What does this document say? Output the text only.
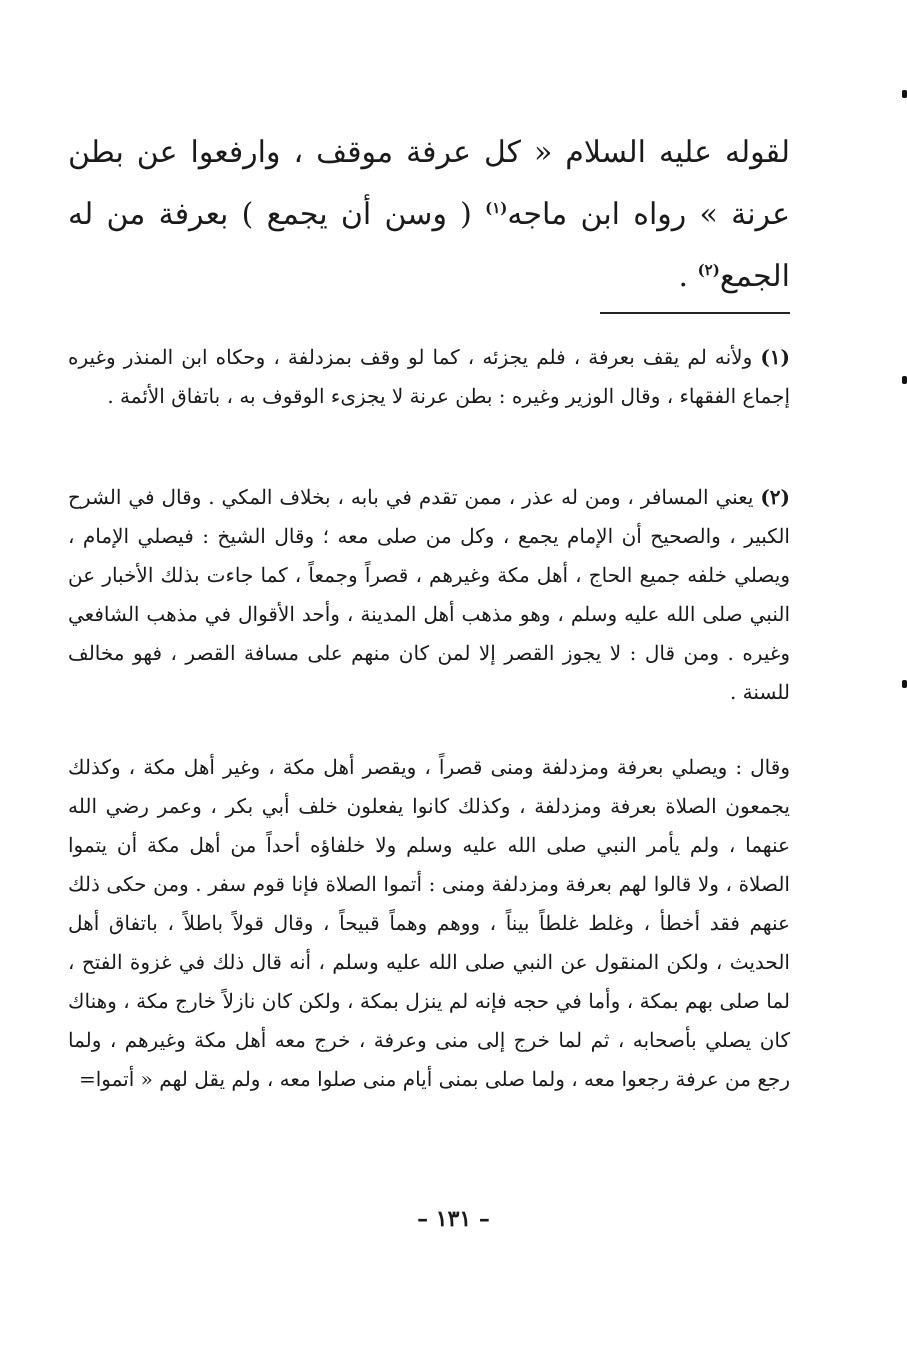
لقوله عليه السلام « كل عرفة موقف ، وارفعوا عن بطن عرنة » رواه ابن ماجه$^{(١)}$ ( وسن أن يجمع ) بعرفة من له الجمع$^{(٢)}$ .

(١) ولأنه لم يقف بعرفة ، فلم يجزئه ، كما لو وقف بمزدلفة ، وحكاه ابن المنذر وغيره إجماع الفقهاء ، وقال الوزير وغيره : بطن عرنة لا يجزىء الوقوف به ، باتفاق الأئمة .

(٢) يعني المسافر ، ومن له عذر ، ممن تقدم في بابه ، بخلاف المكي . وقال في الشرح الكبير ، والصحيح أن الإمام يجمع ، وكل من صلى معه ؛ وقال الشيخ : فيصلي الإمام ، ويصلي خلفه جميع الحاج ، أهل مكة وغيرهم ، قصراً وجمعاً ، كما جاءت بذلك الأخبار عن النبي صلى الله عليه وسلم ، وهو مذهب أهل المدينة ، وأحد الأقوال في مذهب الشافعي وغيره . ومن قال : لا يجوز القصر إلا لمن كان منهم على مسافة القصر ، فهو مخالف للسنة .

وقال : ويصلي بعرفة ومزدلفة ومنى قصراً ، ويقصر أهل مكة ، وغير أهل مكة ، وكذلك يجمعون الصلاة بعرفة ومزدلفة ، وكذلك كانوا يفعلون خلف أبي بكر ، وعمر رضي الله عنهما ، ولم يأمر النبي صلى الله عليه وسلم ولا خلفاؤه أحداً من أهل مكة أن يتموا الصلاة ، ولا قالوا لهم بعرفة ومزدلفة ومنى : أتموا الصلاة فإنا قوم سفر . ومن حكى ذلك عنهم فقد أخطأ ، وغلط غلطاً بيناً ، ووهم وهماً قبيحاً ، وقال قولاً باطلاً ، باتفاق أهل الحديث ، ولكن المنقول عن النبي صلى الله عليه وسلم ، أنه قال ذلك في غزوة الفتح ، لما صلى بهم بمكة ، وأما في حجه فإنه لم ينزل بمكة ، ولكن كان نازلاً خارج مكة ، وهناك كان يصلي بأصحابه ، ثم لما خرج إلى منى وعرفة ، خرج معه أهل مكة وغيرهم ، ولما رجع من عرفة رجعوا معه ، ولما صلى بمنى أيام منى صلوا معه ، ولم يقل لهم « أتموا=

– ١٣١ –
